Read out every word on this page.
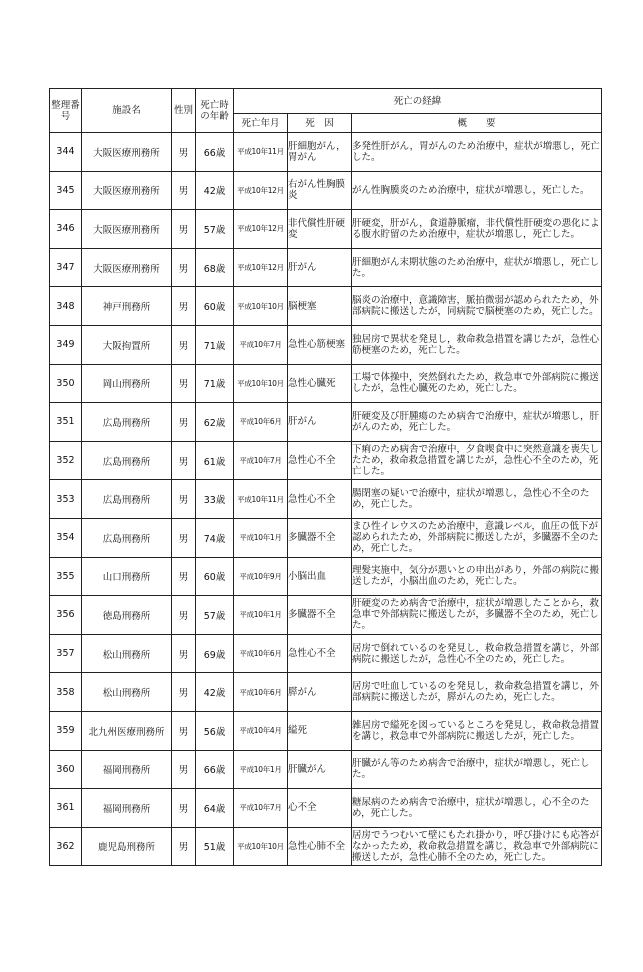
整理番号	施設名	性別	死亡時の年齢	死亡の経緯		
				死亡年月	死　因	概　　要
344	大阪医療刑務所	男	66歳	平成10年11月	肝細胞がん，胃がん	多発性肝がん，胃がんのため治療中，症状が増悪し，死亡した。
345	大阪医療刑務所	男	42歳	平成10年12月	右がん性胸膜炎	がん性胸膜炎のため治療中，症状が増悪し，死亡した。
346	大阪医療刑務所	男	57歳	平成10年12月	非代償性肝硬変	肝硬変，肝がん，食道静脈瘤，非代償性肝硬変の悪化による腹水貯留のため治療中，症状が増悪し，死亡した。
347	大阪医療刑務所	男	68歳	平成10年12月	肝がん	肝細胞がん末期状態のため治療中，症状が増悪し，死亡した。
348	神戸刑務所	男	60歳	平成10年10月	脳梗塞	脳炎の治療中，意識障害，脈拍微弱が認められたため，外部病院に搬送したが，同病院で脳梗塞のため，死亡した。
349	大阪拘置所	男	71歳	平成10年7月	急性心筋梗塞	独居房で異状を発見し，救命救急措置を講じたが，急性心筋梗塞のため，死亡した。
350	岡山刑務所	男	71歳	平成10年10月	急性心臓死	工場で体操中，突然倒れたため，救急車で外部病院に搬送したが，急性心臓死のため，死亡した。
351	広島刑務所	男	62歳	平成10年6月	肝がん	肝硬変及び肝腫瘍のため病舎で治療中，症状が増悪し，肝がんのため，死亡した。
352	広島刑務所	男	61歳	平成10年7月	急性心不全	下痢のため病舎で治療中，夕食喫食中に突然意識を喪失したため，救命救急措置を講じたが，急性心不全のため，死亡した。
353	広島刑務所	男	33歳	平成10年11月	急性心不全	腸閉塞の疑いで治療中，症状が増悪し，急性心不全のため，死亡した。
354	広島刑務所	男	74歳	平成10年1月	多臓器不全	まひ性イレウスのため治療中，意識レベル，血圧の低下が認められたため，外部病院に搬送したが，多臓器不全のため，死亡した。
355	山口刑務所	男	60歳	平成10年9月	小脳出血	理髪実施中，気分が悪いとの申出があり，外部の病院に搬送したが，小脳出血のため，死亡した。
356	徳島刑務所	男	57歳	平成10年1月	多臓器不全	肝硬変のため病舎で治療中，症状が増悪したことから，救急車で外部病院に搬送したが，多臓器不全のため，死亡した。
357	松山刑務所	男	69歳	平成10年6月	急性心不全	居房で倒れているのを発見し，救命救急措置を講じ，外部病院に搬送したが，急性心不全のため，死亡した。
358	松山刑務所	男	42歳	平成10年6月	膵がん	居房で吐血しているのを発見し，救命救急措置を講じ，外部病院に搬送したが，膵がんのため，死亡した。
359	北九州医療刑務所	男	56歳	平成10年4月	縊死	雑居房で縊死を図っているところを発見し，救命救急措置を講じ，救急車で外部病院に搬送したが，死亡した。
360	福岡刑務所	男	66歳	平成10年1月	肝臓がん	肝臓がん等のため病舎で治療中，症状が増悪し，死亡した。
361	福岡刑務所	男	64歳	平成10年7月	心不全	糖尿病のため病舎で治療中，症状が増悪し，心不全のため，死亡した。
362	鹿児島刑務所	男	51歳	平成10年10月	急性心肺不全	居房でうつむいて壁にもたれ掛かり，呼び掛けにも応答がなかったため，救命救急措置を講じ，救急車で外部病院に搬送したが，急性心肺不全のため，死亡した。
